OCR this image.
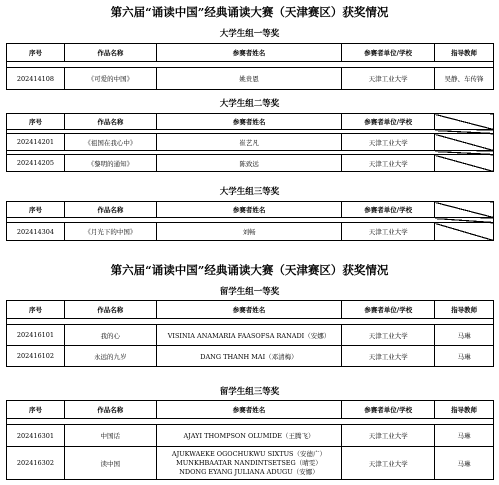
第六届“诵读中国”经典诵读大赛（天津赛区）获奖情况
大学生组一等奖
序号	作品名称	参赛者姓名	参赛者单位/学校	指导教师

202414108	《可爱的中国》	姚贵恩	天津工业大学	吴静、车传锋
大学生组二等奖
序号	作品名称	参赛者姓名	参赛者单位/学校	

202414201	《祖国在我心中》	崔艺凡	天津工业大学	

202414205	《黎明的通知》	陈致远	天津工业大学	
大学生组三等奖
序号	作品名称	参赛者姓名	参赛者单位/学校	

202414304	《月光下的中国》	刘畅	天津工业大学	
第六届“诵读中国”经典诵读大赛（天津赛区）获奖情况
留学生组一等奖
序号	作品名称	参赛者姓名	参赛者单位/学校	指导教师

202416101	我的心	VISINIA ANAMARIA FAASOFSA RANADI（安娜）	天津工业大学	马琳
202416102	永远的九岁	DANG THANH MAI（邓清梅）	天津工业大学	马琳
留学生组三等奖
序号	作品名称	参赛者姓名	参赛者单位/学校	指导教师

202416301	中国话	AJAYI THOMPSON OLUMIDE（王腾飞）	天津工业大学	马琳
202416302	读中国	AJUKWAEKE OGOCHUKWU SIXTUS（安德广）
MUNKHBAATAR NANDINTSETSEG（晴雯）
NDONG EYANG JULIANA ADUGU（安娜）	天津工业大学	马琳
